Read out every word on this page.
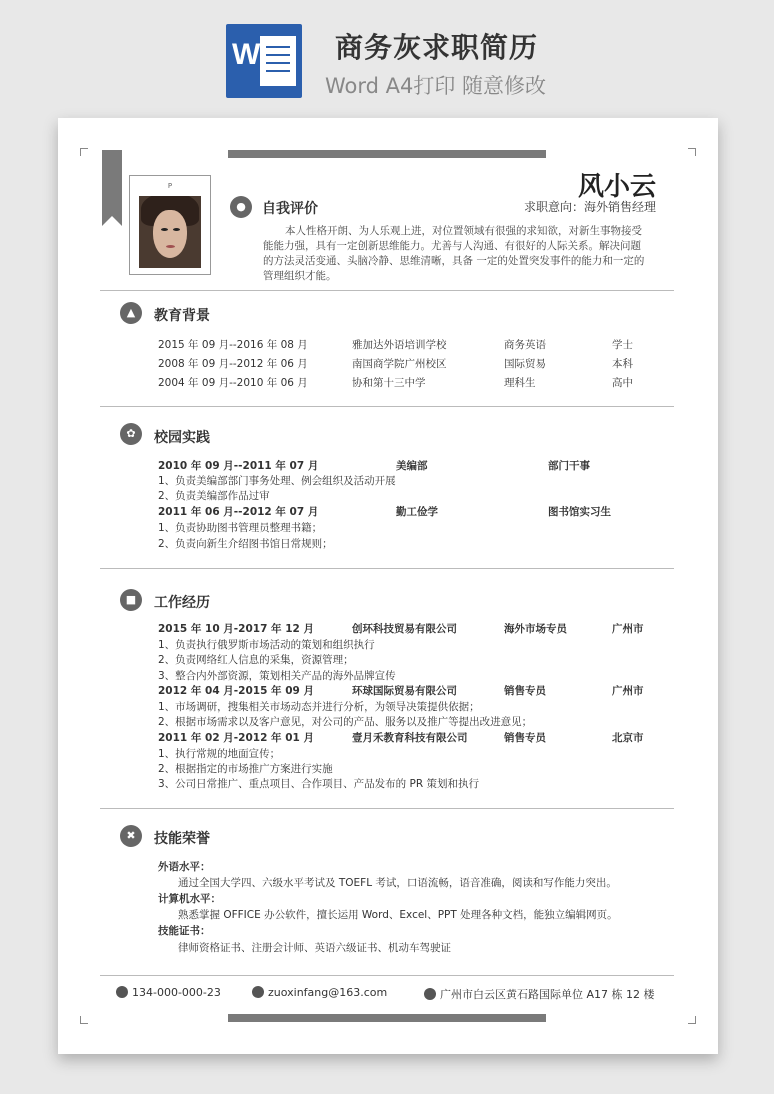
W	商务灰求职简历
Word A4打印 随意修改
P	风小云
求职意向：海外销售经理
●	自我评价
本人性格开朗、为人乐观上进，对位置领域有很强的求知欲，对新生事物接受
能能力强，具有一定创新思维能力。尤善与人沟通、有很好的人际关系。解决问题
的方法灵活变通、头脑冷静、思维清晰，具备 一定的处置突发事件的能力和一定的
管理组织才能。
▲	教育背景
2015 年 09 月--2016 年 08 月	雅加达外语培训学校	商务英语	学士
2008 年 09 月--2012 年 06 月	南国商学院广州校区	国际贸易	本科
2004 年 09 月--2010 年 06 月	协和第十三中学	理科生	高中
✿	校园实践
2010 年 09 月--2011 年 07 月	美编部	部门干事
1、负责美编部部门事务处理、例会组织及活动开展
2、负责美编部作品过审
2011 年 06 月--2012 年 07 月	勤工俭学	图书馆实习生
1、负责协助图书管理员整理书籍；
2、负责向新生介绍图书馆日常规则；
■	工作经历
2015 年 10 月-2017 年 12 月	创环科技贸易有限公司	海外市场专员	广州市
1、负责执行俄罗斯市场活动的策划和组织执行
2、负责网络红人信息的采集，资源管理；
3、整合内外部资源，策划相关产品的海外品牌宣传
2012 年 04 月-2015 年 09 月	环球国际贸易有限公司	销售专员	广州市
1、市场调研，搜集相关市场动态并进行分析，为领导决策提供依据；
2、根据市场需求以及客户意见，对公司的产品、服务以及推广等提出改进意见；
2011 年 02 月-2012 年 01 月	壹月禾教育科技有限公司	销售专员	北京市
1、执行常规的地面宣传；
2、根据指定的市场推广方案进行实施
3、公司日常推广、重点项目、合作项目、产品发布的 PR 策划和执行
✖	技能荣誉
外语水平：
通过全国大学四、六级水平考试及 TOEFL 考试，口语流畅，语音准确，阅读和写作能力突出。
计算机水平：
熟悉掌握 OFFICE 办公软件，擅长运用 Word、Excel、PPT 处理各种文档，能独立编辑网页。
技能证书：
律师资格证书、注册会计师、英语六级证书、机动车驾驶证
134-000-000-23	zuoxinfang@163.com	广州市白云区黄石路国际单位 A17 栋 12 楼
